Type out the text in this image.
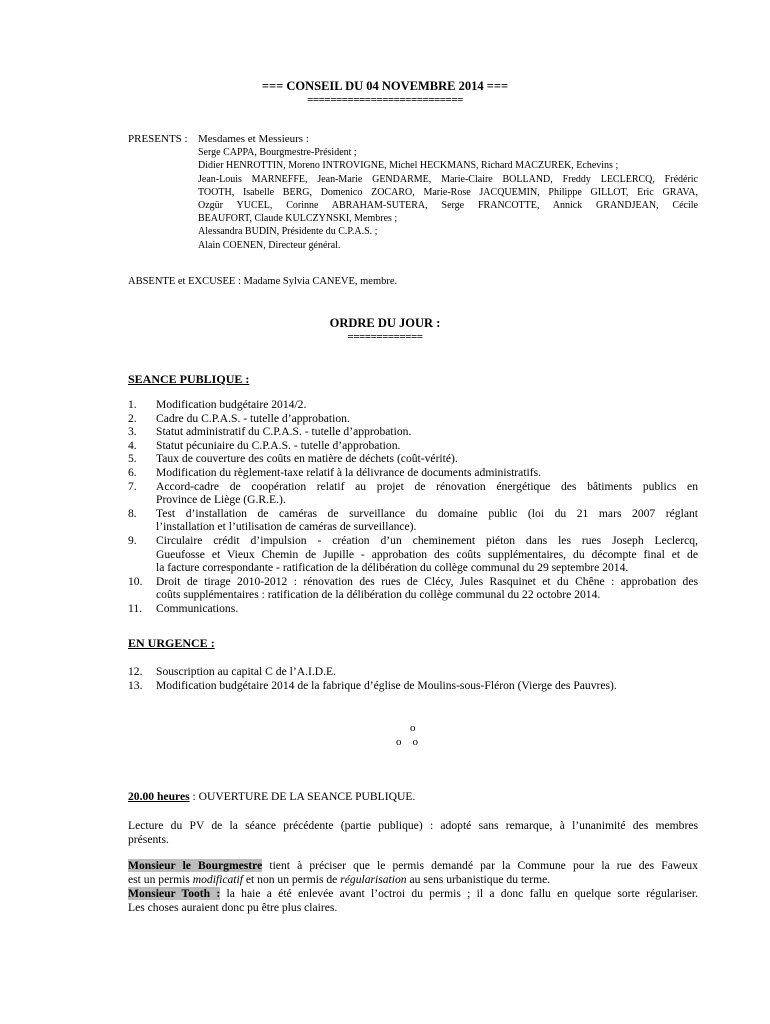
=== CONSEIL DU 04 NOVEMBRE 2014 ===
===========================
PRESENTS : Mesdames et Messieurs :
Serge CAPPA, Bourgmestre-Président ;
Didier HENROTTIN, Moreno INTROVIGNE, Michel HECKMANS, Richard MACZUREK, Echevins ;
Jean-Louis MARNEFFE, Jean-Marie GENDARME, Marie-Claire BOLLAND, Freddy LECLERCQ, Frédéric
TOOTH, Isabelle BERG, Domenico ZOCARO, Marie-Rose JACQUEMIN, Philippe GILLOT, Eric GRAVA,
Ozgür YUCEL, Corinne ABRAHAM-SUTERA, Serge FRANCOTTE, Annick GRANDJEAN, Cécile
BEAUFORT, Claude KULCZYNSKI, Membres ;
Alessandra BUDIN, Présidente du C.P.A.S. ;
Alain COENEN, Directeur général.
ABSENTE et EXCUSEE : Madame Sylvia CANEVE, membre.
ORDRE DU JOUR :
=============
SEANCE PUBLIQUE :
1.	Modification budgétaire 2014/2.
2.	Cadre du C.P.A.S. - tutelle d’approbation.
3.	Statut administratif du C.P.A.S. - tutelle d’approbation.
4.	Statut pécuniaire du C.P.A.S. - tutelle d’approbation.
5.	Taux de couverture des coûts en matière de déchets (coût-vérité).
6.	Modification du règlement-taxe relatif à la délivrance de documents administratifs.
7.	Accord-cadre de coopération relatif au projet de rénovation énergétique des bâtiments publics en
Province de Liège (G.R.E.).
8.	Test d’installation de caméras de surveillance du domaine public (loi du 21 mars 2007 réglant
l’installation et l’utilisation de caméras de surveillance).
9.	Circulaire crédit d’impulsion - création d’un cheminement piéton dans les rues Joseph Leclercq,
Gueufosse et Vieux Chemin de Jupille - approbation des coûts supplémentaires, du décompte final et de
la facture correspondante - ratification de la délibération du collège communal du 29 septembre 2014.
10.	Droit de tirage 2010-2012 : rénovation des rues de Clécy, Jules Rasquinet et du Chêne : approbation des
coûts supplémentaires : ratification de la délibération du collège communal du 22 octobre 2014.
11.	Communications.
EN URGENCE :
12.	Souscription au capital C de l’A.I.D.E.
13.	Modification budgétaire 2014 de la fabrique d’église de Moulins-sous-Fléron (Vierge des Pauvres).
o
o    o
20.00 heures : OUVERTURE DE LA SEANCE PUBLIQUE.
Lecture du PV de la séance précédente (partie publique) : adopté sans remarque, à l’unanimité des membres
présents.
Monsieur le Bourgmestre tient à préciser que le permis demandé par la Commune pour la rue des Faweux
est un permis modificatif et non un permis de régularisation au sens urbanistique du terme.
Monsieur Tooth : la haie a été enlevée avant l’octroi du permis ; il a donc fallu en quelque sorte régulariser.
Les choses auraient donc pu être plus claires.
